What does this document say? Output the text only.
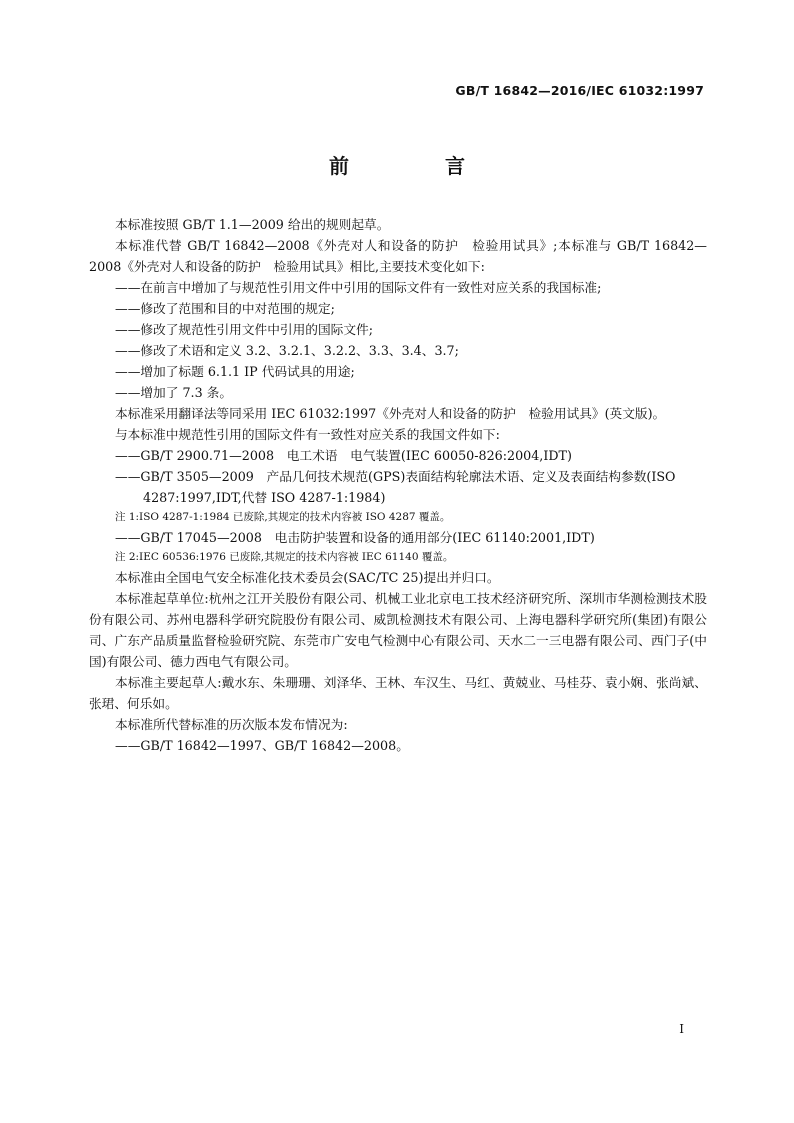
GB/T 16842—2016/IEC 61032:1997
前　言

本标准按照 GB/T 1.1—2009 给出的规则起草。

本标准代替 GB/T 16842—2008《外壳对人和设备的防护　检验用试具》;本标准与 GB/T 16842—2008《外壳对人和设备的防护　检验用试具》相比,主要技术变化如下:

——在前言中增加了与规范性引用文件中引用的国际文件有一致性对应关系的我国标准;

——修改了范围和目的中对范围的规定;

——修改了规范性引用文件中引用的国际文件;

——修改了术语和定义 3.2、3.2.1、3.2.2、3.3、3.4、3.7;

——增加了标题 6.1.1 IP 代码试具的用途;

——增加了 7.3 条。

本标准采用翻译法等同采用 IEC 61032:1997《外壳对人和设备的防护　检验用试具》(英文版)。

与本标准中规范性引用的国际文件有一致性对应关系的我国文件如下:

——GB/T 2900.71—2008　电工术语　电气装置(IEC 60050-826:2004,IDT)

——GB/T 3505—2009　产品几何技术规范(GPS)表面结构轮廓法术语、定义及表面结构参数(ISO 4287:1997,IDT,代替 ISO 4287-1:1984)

注 1:ISO 4287-1:1984 已废除,其规定的技术内容被 ISO 4287 覆盖。

——GB/T 17045—2008　电击防护装置和设备的通用部分(IEC 61140:2001,IDT)

注 2:IEC 60536:1976 已废除,其规定的技术内容被 IEC 61140 覆盖。

本标准由全国电气安全标准化技术委员会(SAC/TC 25)提出并归口。

本标准起草单位:杭州之江开关股份有限公司、机械工业北京电工技术经济研究所、深圳市华测检测技术股份有限公司、苏州电器科学研究院股份有限公司、威凯检测技术有限公司、上海电器科学研究所(集团)有限公司、广东产品质量监督检验研究院、东莞市广安电气检测中心有限公司、天水二一三电器有限公司、西门子(中国)有限公司、德力西电气有限公司。

本标准主要起草人:戴水东、朱珊珊、刘泽华、王林、车汉生、马红、黄兢业、马桂芬、袁小娴、张尚斌、张珺、何乐如。

本标准所代替标准的历次版本发布情况为:

——GB/T 16842—1997、GB/T 16842—2008。

I
